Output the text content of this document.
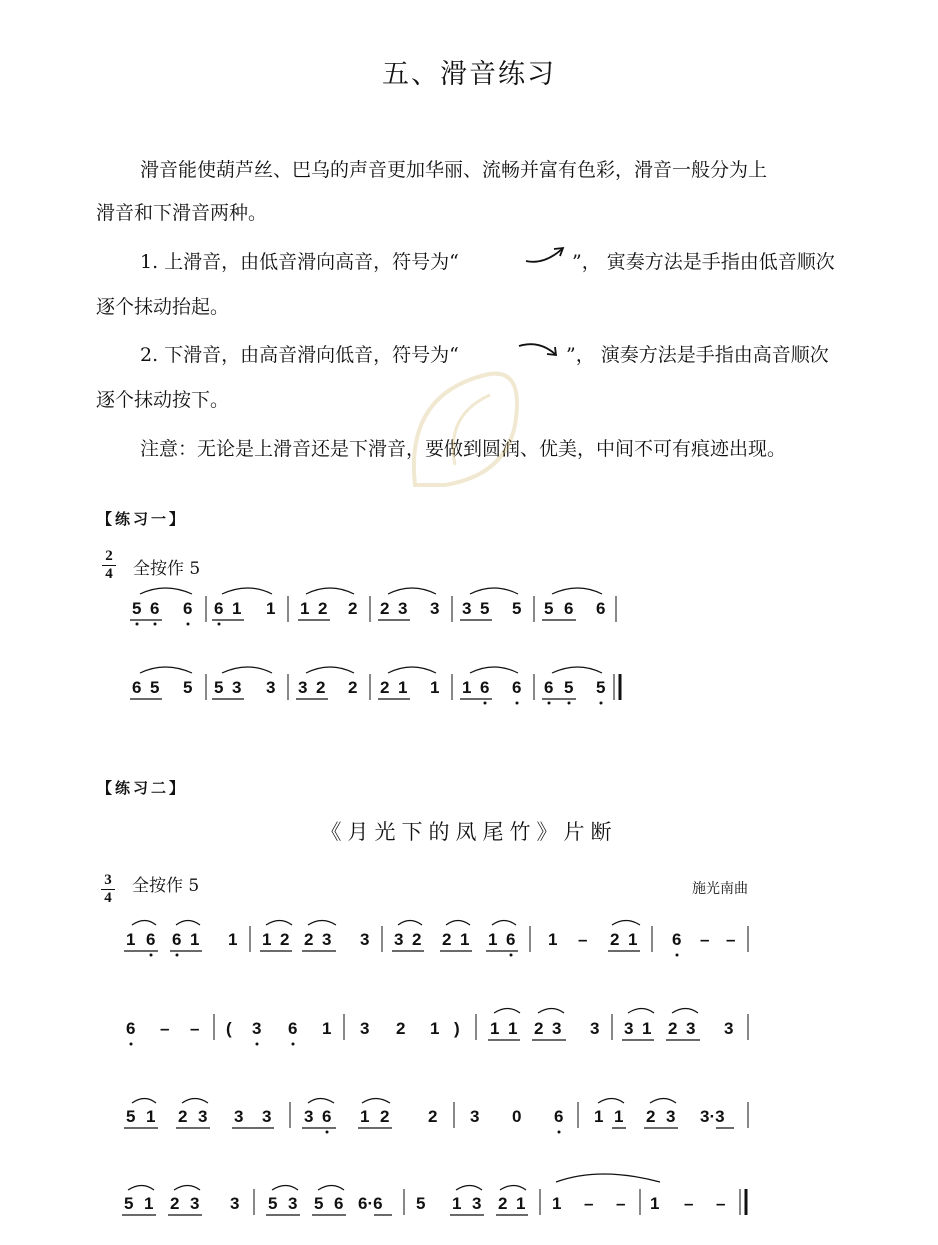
五、滑音练习
滑音能使葫芦丝、巴乌的声音更加华丽、流畅并富有色彩，滑音一般分为上
滑音和下滑音两种。
1. 上滑音，由低音滑向高音，符号为“	”， 寅奏方法是手指由低音顺次
逐个抹动抬起。
2. 下滑音，由高音滑向低音，符号为“	”， 演奏方法是手指由高音顺次
逐个抹动按下。
注意：无论是上滑音还是下滑音，要做到圆润、优美，中间不可有痕迹出现。
【练习一】
2
4 全按作 5
5 6 6 6 1 1 1 2 2 2 3 3 3 5 5 5 6 6
6 5 5 5 3 3 3 2 2 2 1 1 1 6 6 6 5 5
【练习二】
《月光下的凤尾竹》片断
3
4
全按作 5	施光南曲
1 6 6 1 1 1 2 2 3 3 3 2 2 1 1 6 1 – 2 1 6 – –
6 – – ( 3 6 1 3 2 1 ) 1 1 2 3 3 3 1 2 3 3
5 1 2 3 3 3 3 6 1 2 2 3 0 6 1 1 2 3 3·3
5 1 2 3 3 5 3 5 6 6·6 5 1 3 2 1 1 – – 1 – –
